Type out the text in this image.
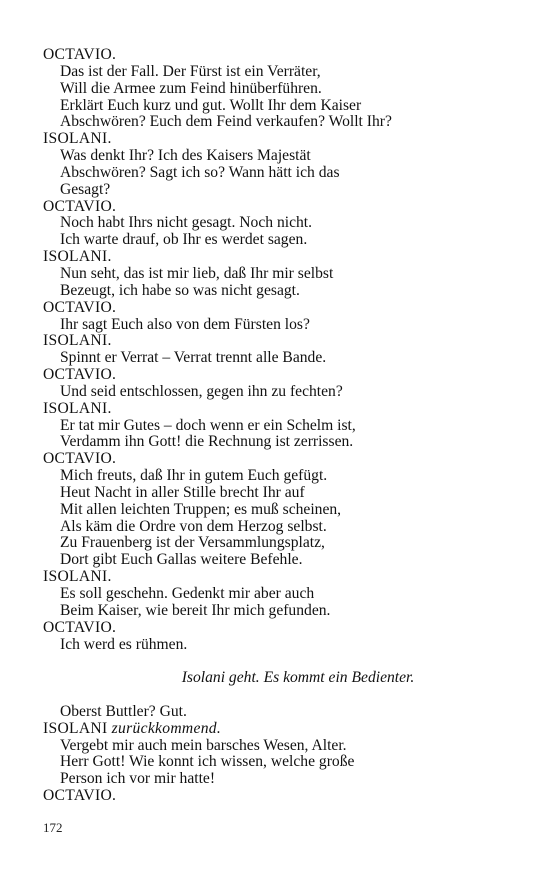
OCTAVIO.
Das ist der Fall. Der Fürst ist ein Verräter,
Will die Armee zum Feind hinüberführen.
Erklärt Euch kurz und gut. Wollt Ihr dem Kaiser
Abschwören? Euch dem Feind verkaufen? Wollt Ihr?
ISOLANI.
Was denkt Ihr? Ich des Kaisers Majestät
Abschwören? Sagt ich so? Wann hätt ich das
Gesagt?
OCTAVIO.
Noch habt Ihrs nicht gesagt. Noch nicht.
Ich warte drauf, ob Ihr es werdet sagen.
ISOLANI.
Nun seht, das ist mir lieb, daß Ihr mir selbst
Bezeugt, ich habe so was nicht gesagt.
OCTAVIO.
Ihr sagt Euch also von dem Fürsten los?
ISOLANI.
Spinnt er Verrat – Verrat trennt alle Bande.
OCTAVIO.
Und seid entschlossen, gegen ihn zu fechten?
ISOLANI.
Er tat mir Gutes – doch wenn er ein Schelm ist,
Verdamm ihn Gott! die Rechnung ist zerrissen.
OCTAVIO.
Mich freuts, daß Ihr in gutem Euch gefügt.
Heut Nacht in aller Stille brecht Ihr auf
Mit allen leichten Truppen; es muß scheinen,
Als käm die Ordre von dem Herzog selbst.
Zu Frauenberg ist der Versammlungsplatz,
Dort gibt Euch Gallas weitere Befehle.
ISOLANI.
Es soll geschehn. Gedenkt mir aber auch
Beim Kaiser, wie bereit Ihr mich gefunden.
OCTAVIO.
Ich werd es rühmen.
Isolani geht. Es kommt ein Bedienter.
Oberst Buttler? Gut.
ISOLANI zurückkommend.
Vergebt mir auch mein barsches Wesen, Alter.
Herr Gott! Wie konnt ich wissen, welche große
Person ich vor mir hatte!
OCTAVIO.
172
